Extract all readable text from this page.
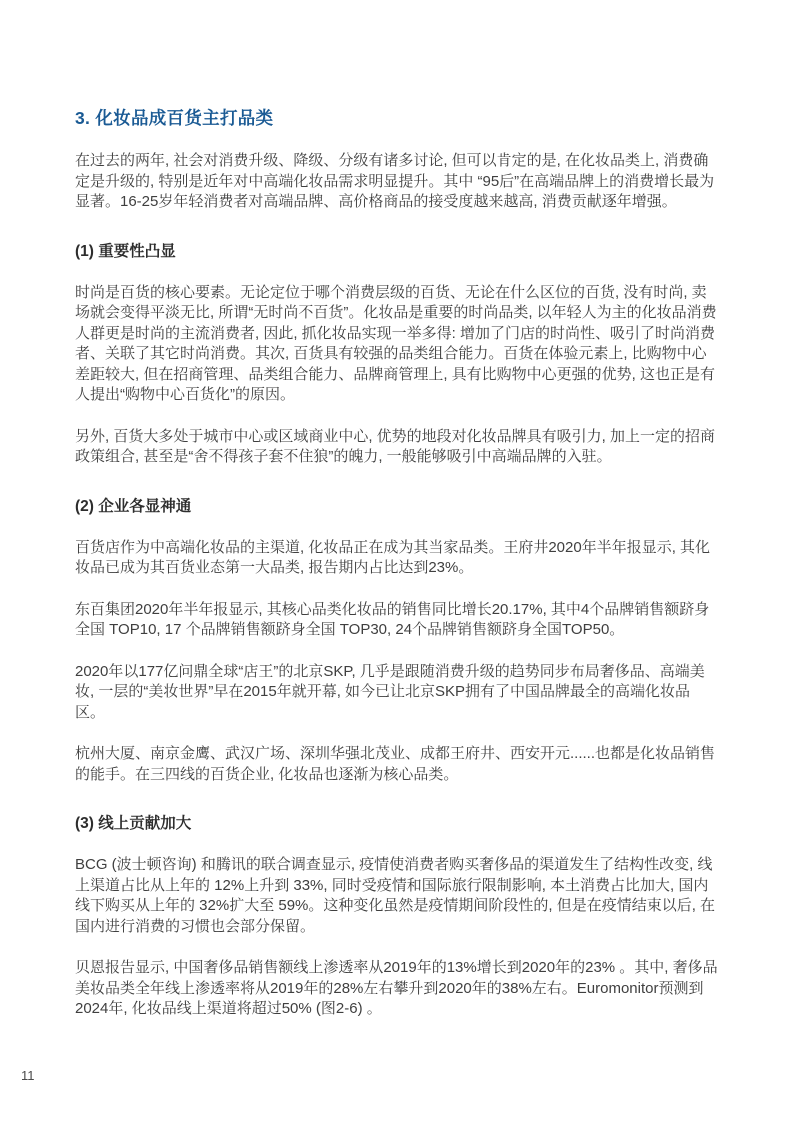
3. 化妆品成百货主打品类

在过去的两年, 社会对消费升级、降级、分级有诸多讨论, 但可以肯定的是, 在化妆品类上, 消费确定是升级的, 特别是近年对中高端化妆品需求明显提升。其中 “95后”在高端品牌上的消费增长最为显著。16-25岁年轻消费者对高端品牌、高价格商品的接受度越来越高, 消费贡献逐年增强。

(1) 重要性凸显

时尚是百货的核心要素。无论定位于哪个消费层级的百货、无论在什么区位的百货, 没有时尚, 卖场就会变得平淡无比, 所谓“无时尚不百货”。化妆品是重要的时尚品类, 以年轻人为主的化妆品消费人群更是时尚的主流消费者, 因此, 抓化妆品实现一举多得: 增加了门店的时尚性、吸引了时尚消费者、关联了其它时尚消费。其次, 百货具有较强的品类组合能力。百货在体验元素上, 比购物中心差距较大, 但在招商管理、品类组合能力、品牌商管理上, 具有比购物中心更强的优势, 这也正是有人提出“购物中心百货化”的原因。

另外, 百货大多处于城市中心或区域商业中心, 优势的地段对化妆品牌具有吸引力, 加上一定的招商政策组合, 甚至是“舍不得孩子套不住狼”的魄力, 一般能够吸引中高端品牌的入驻。

(2) 企业各显神通

百货店作为中高端化妆品的主渠道, 化妆品正在成为其当家品类。王府井2020年半年报显示, 其化妆品已成为其百货业态第一大品类, 报告期内占比达到23%。

东百集团2020年半年报显示, 其核心品类化妆品的销售同比增长20.17%, 其中4个品牌销售额跻身全国 TOP10, 17 个品牌销售额跻身全国 TOP30, 24个品牌销售额跻身全国TOP50。

2020年以177亿问鼎全球“店王”的北京SKP, 几乎是跟随消费升级的趋势同步布局奢侈品、高端美妆, 一层的“美妆世界”早在2015年就开幕, 如今已让北京SKP拥有了中国品牌最全的高端化妆品区。

杭州大厦、南京金鹰、武汉广场、深圳华强北茂业、成都王府井、西安开元......也都是化妆品销售的能手。在三四线的百货企业, 化妆品也逐渐为核心品类。

(3) 线上贡献加大

BCG (波士顿咨询) 和腾讯的联合调查显示, 疫情使消费者购买奢侈品的渠道发生了结构性改变, 线上渠道占比从上年的 12%上升到 33%, 同时受疫情和国际旅行限制影响, 本土消费占比加大, 国内线下购买从上年的 32%扩大至 59%。这种变化虽然是疫情期间阶段性的, 但是在疫情结束以后, 在国内进行消费的习惯也会部分保留。

贝恩报告显示, 中国奢侈品销售额线上渗透率从2019年的13%增长到2020年的23% 。其中, 奢侈品美妆品类全年线上渗透率将从2019年的28%左右攀升到2020年的38%左右。Euromonitor预测到2024年, 化妆品线上渠道将超过50% (图2-6) 。

11
